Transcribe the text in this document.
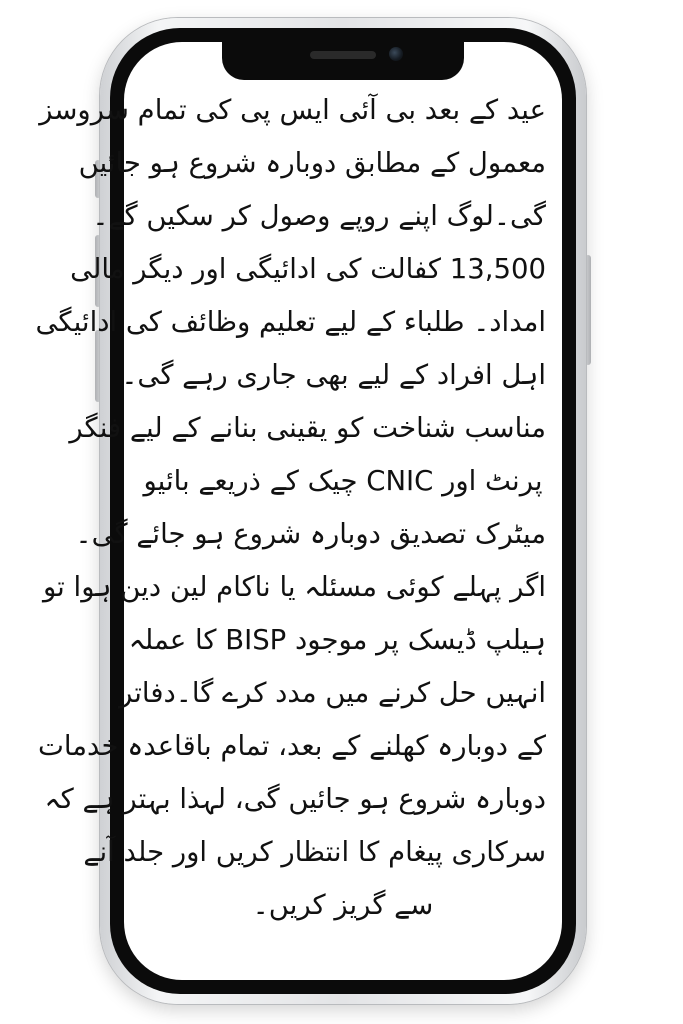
عید کے بعد بی آئی ایس پی کی تمام سروسز

معمول کے مطابق دوبارہ شروع ہو جائیں

گی۔لوگ اپنے روپے وصول کر سکیں گے۔

13,500 کفالت کی ادائیگی اور دیگر مالی

امداد۔ طلباء کے لیے تعلیم وظائف کی ادائیگی

اہل افراد کے لیے بھی جاری رہے گی۔

مناسب شناخت کو یقینی بنانے کے لیے فنگر

پرنٹ اور CNIC چیک کے ذریعے بائیو

میٹرک تصدیق دوبارہ شروع ہو جائے گی۔

اگر پہلے کوئی مسئلہ یا ناکام لین دین ہوا تو

ہیلپ ڈیسک پر موجود BISP کا عملہ

انہیں حل کرنے میں مدد کرے گا۔دفاتر

کے دوبارہ کھلنے کے بعد، تمام باقاعدہ خدمات

دوبارہ شروع ہو جائیں گی، لہذا بہتر ہے کہ

سرکاری پیغام کا انتظار کریں اور جلد آنے

سے گریز کریں۔
